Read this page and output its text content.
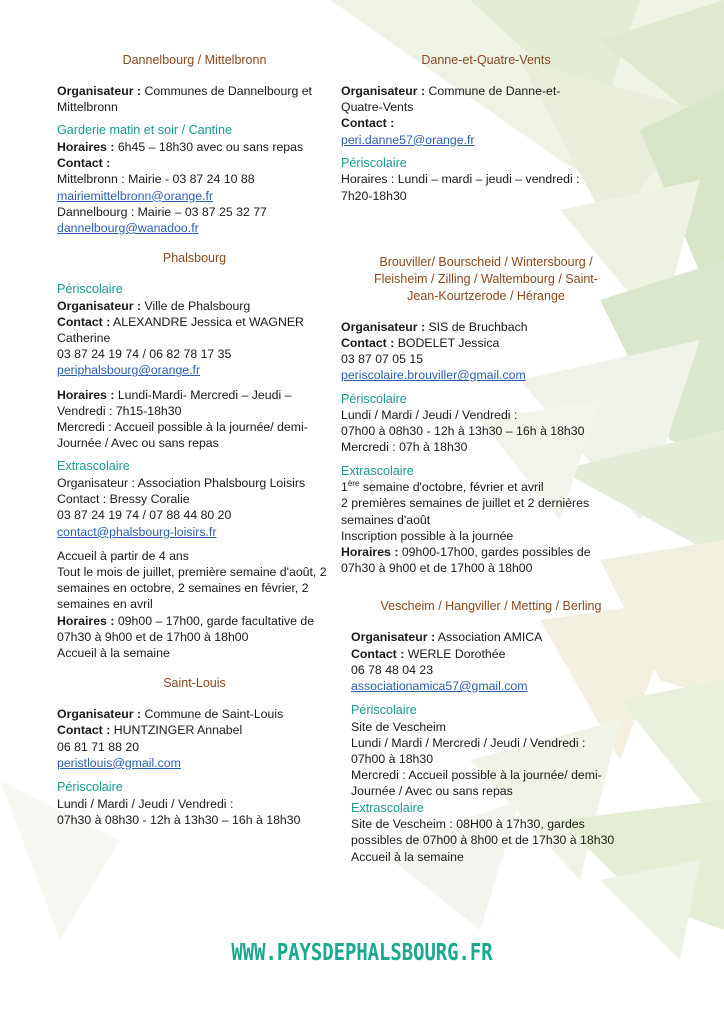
Dannelbourg / Mittelbronn
Organisateur : Communes de Dannelbourg et Mittelbronn
Garderie matin et soir / Cantine
Horaires : 6h45 – 18h30 avec ou sans repas
Contact :
Mittelbronn : Mairie - 03 87 24 10 88
mairiemittelbronn@orange.fr
Dannelbourg : Mairie – 03 87 25 32 77
dannelbourg@wanadoo.fr
Phalsbourg
Périscolaire
Organisateur : Ville de Phalsbourg
Contact : ALEXANDRE Jessica et WAGNER Catherine
03 87 24 19 74 / 06 82 78 17 35
periphalsbourg@orange.fr
Horaires : Lundi-Mardi- Mercredi – Jeudi – Vendredi : 7h15-18h30
Mercredi : Accueil possible à la journée/ demi-Journée / Avec ou sans repas
Extrascolaire
Organisateur : Association Phalsbourg Loisirs
Contact : Bressy Coralie
03 87 24 19 74 / 07 88 44 80 20
contact@phalsbourg-loisirs.fr
Accueil à partir de 4 ans
Tout le mois de juillet, première semaine d'août, 2 semaines en octobre, 2 semaines en février, 2 semaines en avril
Horaires : 09h00 – 17h00, garde facultative de 07h30 à 9h00 et de 17h00 à 18h00
Accueil à la semaine
Saint-Louis
Organisateur : Commune de Saint-Louis
Contact : HUNTZINGER Annabel
06 81 71 88 20
peristlouis@gmail.com
Périscolaire
Lundi / Mardi / Jeudi / Vendredi :
07h30 à 08h30 - 12h à 13h30 – 16h à 18h30
Danne-et-Quatre-Vents
Organisateur : Commune de Danne-et-Quatre-Vents
Contact :
peri.danne57@orange.fr
Périscolaire
Horaires : Lundi – mardi – jeudi – vendredi : 7h20-18h30
Brouviller/ Bourscheid / Wintersbourg / Fleisheim / Zilling / Waltembourg / Saint-Jean-Kourtzerode / Hérange
Organisateur : SIS de Bruchbach
Contact : BODELET Jessica
03 87 07 05 15
periscolaire.brouviller@gmail.com
Périscolaire
Lundi / Mardi / Jeudi / Vendredi :
07h00 à 08h30 - 12h à 13h30 – 16h à 18h30
Mercredi : 07h à 18h30
Extrascolaire
1ère semaine d'octobre, février et avril
2 premières semaines de juillet et 2 dernières semaines d'août
Inscription possible à la journée
Horaires : 09h00-17h00, gardes possibles de 07h30 à 9h00 et de 17h00 à 18h00
Vescheim / Hangviller / Metting / Berling
Organisateur : Association AMICA
Contact : WERLE Dorothée
06 78 48 04 23
associationamica57@gmail.com
Périscolaire
Site de Vescheim
Lundi / Mardi / Mercredi / Jeudi / Vendredi :
07h00 à 18h30
Mercredi : Accueil possible à la journée/ demi-Journée / Avec ou sans repas
Extrascolaire
Site de Vescheim : 08H00 à 17h30, gardes possibles de 07h00 à 8h00 et de 17h30 à 18h30
Accueil à la semaine
WWW.PAYSDEPHALSBOURG.FR
